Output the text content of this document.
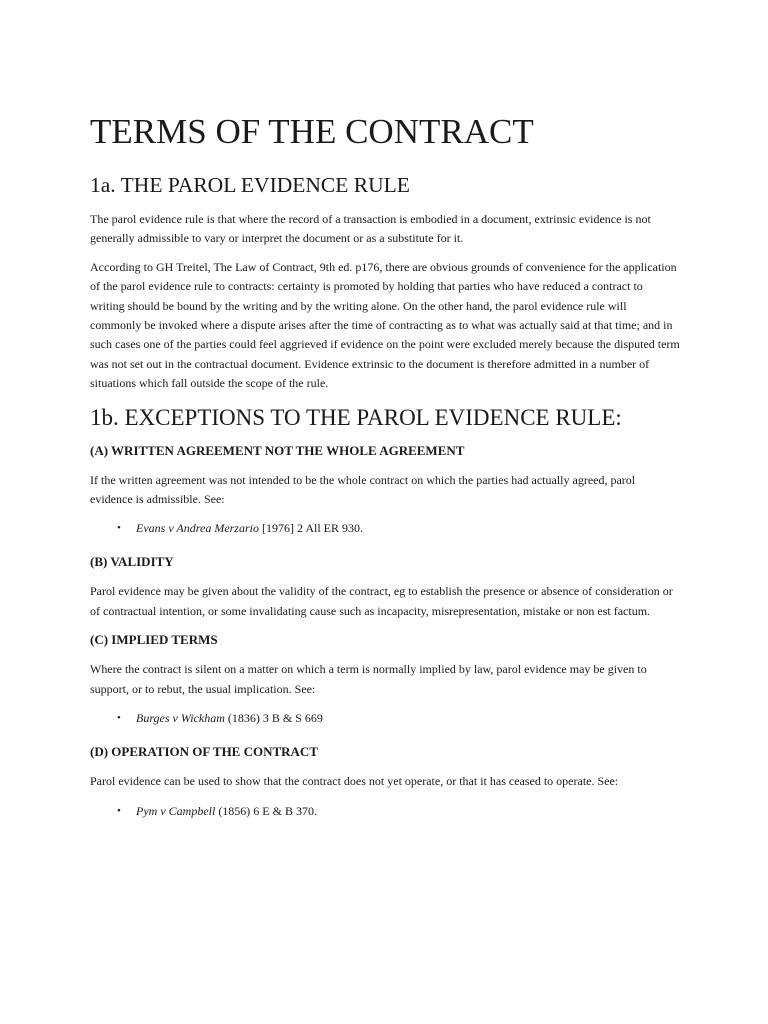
TERMS OF THE CONTRACT
1a. THE PAROL EVIDENCE RULE

The parol evidence rule is that where the record of a transaction is embodied in a document, extrinsic evidence is not generally admissible to vary or interpret the document or as a substitute for it.

According to GH Treitel, The Law of Contract, 9th ed. p176, there are obvious grounds of convenience for the application of the parol evidence rule to contracts: certainty is promoted by holding that parties who have reduced a contract to writing should be bound by the writing and by the writing alone. On the other hand, the parol evidence rule will commonly be invoked where a dispute arises after the time of contracting as to what was actually said at that time; and in such cases one of the parties could feel aggrieved if evidence on the point were excluded merely because the disputed term was not set out in the contractual document. Evidence extrinsic to the document is therefore admitted in a number of situations which fall outside the scope of the rule.

1b. EXCEPTIONS TO THE PAROL EVIDENCE RULE:
(A) WRITTEN AGREEMENT NOT THE WHOLE AGREEMENT

If the written agreement was not intended to be the whole contract on which the parties had actually agreed, parol evidence is admissible. See:

• Evans v Andrea Merzario [1976] 2 All ER 930.
(B) VALIDITY

Parol evidence may be given about the validity of the contract, eg to establish the presence or absence of consideration or of contractual intention, or some invalidating cause such as incapacity, misrepresentation, mistake or non est factum.

(C) IMPLIED TERMS

Where the contract is silent on a matter on which a term is normally implied by law, parol evidence may be given to support, or to rebut, the usual implication. See:

• Burges v Wickham (1836) 3 B & S 669
(D) OPERATION OF THE CONTRACT

Parol evidence can be used to show that the contract does not yet operate, or that it has ceased to operate. See:

• Pym v Campbell (1856) 6 E & B 370.
